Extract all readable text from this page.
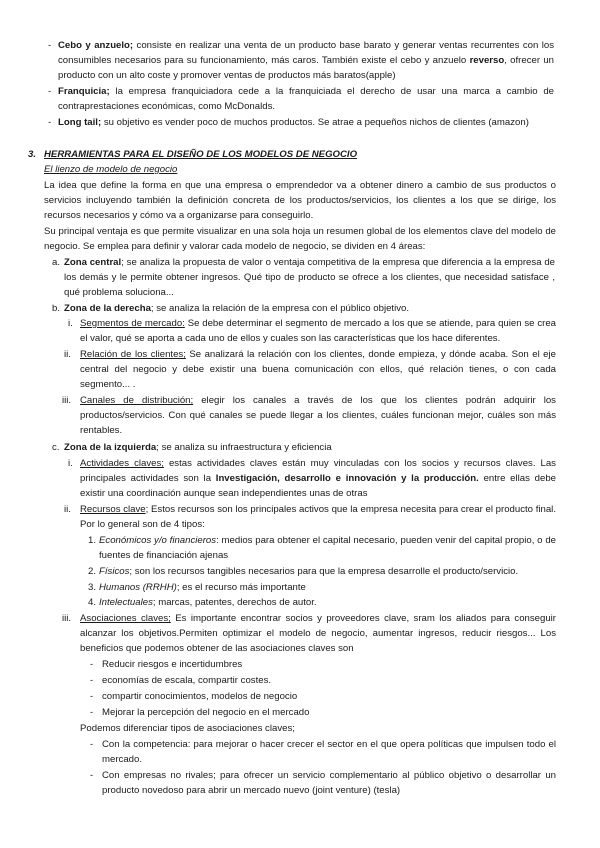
- Cebo y anzuelo; consiste en realizar una venta de un producto base barato y generar ventas recurrentes con los consumibles necesarios para su funcionamiento, más caros. También existe el cebo y anzuelo reverso, ofrecer un producto con un alto coste y promover ventas de productos más baratos(apple)
- Franquicia; la empresa franquiciadora cede a la franquiciada el derecho de usar una marca a cambio de contraprestaciones económicas, como McDonalds.
- Long tail; su objetivo es vender poco de muchos productos. Se atrae a pequeños nichos de clientes (amazon)
3. HERRAMIENTAS PARA EL DISEÑO DE LOS MODELOS DE NEGOCIO
El lienzo de modelo de negocio
La idea que define la forma en que una empresa o emprendedor va a obtener dinero a cambio de sus productos o servicios incluyendo también la definición concreta de los productos/servicios, los clientes a los que se dirige, los recursos necesarios y cómo va a organizarse para conseguirlo.
Su principal ventaja es que permite visualizar en una sola hoja un resumen global de los elementos clave del modelo de negocio. Se emplea para definir y valorar cada modelo de negocio, se dividen en 4 áreas:
a. Zona central; se analiza la propuesta de valor o ventaja competitiva de la empresa que diferencia a la empresa de los demás y le permite obtener ingresos. Qué tipo de producto se ofrece a los clientes, que necesidad satisface , qué problema soluciona...
b. Zona de la derecha; se analiza la relación de la empresa con el público objetivo.
i. Segmentos de mercado: Se debe determinar el segmento de mercado a los que se atiende, para quien se crea el valor, qué se aporta a cada uno de ellos y cuales son las características que los hace diferentes.
ii. Relación de los clientes; Se analizará la relación con los clientes, donde empieza, y dónde acaba. Son el eje central del negocio y debe existir una buena comunicación con ellos, qué relación tienes, o con cada segmento... .
iii. Canales de distribución; elegir los canales a través de los que los clientes podrán adquirir los productos/servicios. Con qué canales se puede llegar a los clientes, cuáles funcionan mejor, cuáles son más rentables.
c. Zona de la izquierda; se analiza su infraestructura y eficiencia
i. Actividades claves; estas actividades claves están muy vinculadas con los socios y recursos claves. Las principales actividades son la Investigación, desarrollo e innovación y la producción. entre ellas debe existir una coordinación aunque sean independientes unas de otras
ii. Recursos clave; Estos recursos son los principales activos que la empresa necesita para crear el producto final. Por lo general son de 4 tipos:
1. Económicos y/o financieros: medios para obtener el capital necesario, pueden venir del capital propio, o de fuentes de financiación ajenas
2. Físicos; son los recursos tangibles necesarios para que la empresa desarrolle el producto/servicio.
3. Humanos (RRHH); es el recurso más importante
4. Intelectuales; marcas, patentes, derechos de autor.
iii. Asociaciones claves; Es importante encontrar socios y proveedores clave, sram los aliados para conseguir alcanzar los objetivos.Permiten optimizar el modelo de negocio, aumentar ingresos, reducir riesgos... Los beneficios que podemos obtener de las asociaciones claves son
- Reducir riesgos e incertidumbres
- economías de escala, compartir costes.
- compartir conocimientos, modelos de negocio
- Mejorar la percepción del negocio en el mercado
Podemos diferenciar tipos de asociaciones claves;
- Con la competencia: para mejorar o hacer crecer el sector en el que opera políticas que impulsen todo el mercado.
- Con empresas no rivales; para ofrecer un servicio complementario al público objetivo o desarrollar un producto novedoso para abrir un mercado nuevo (joint venture) (tesla)
